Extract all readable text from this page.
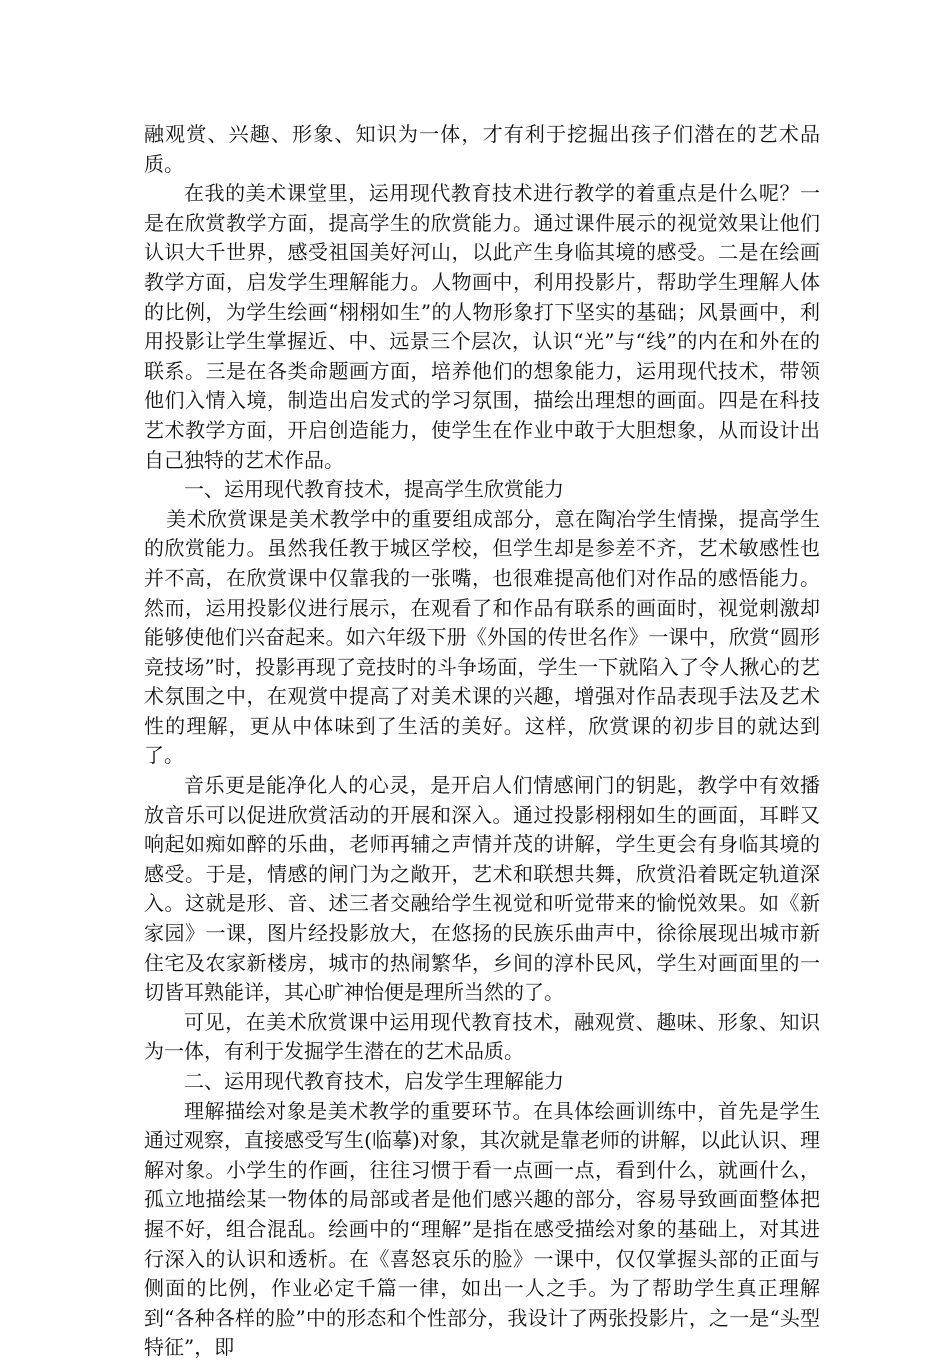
融观赏、兴趣、形象、知识为一体，才有利于挖掘出孩子们潜在的艺术品质。

在我的美术课堂里，运用现代教育技术进行教学的着重点是什么呢？一是在欣赏教学方面，提高学生的欣赏能力。通过课件展示的视觉效果让他们认识大千世界，感受祖国美好河山，以此产生身临其境的感受。二是在绘画教学方面，启发学生理解能力。人物画中，利用投影片，帮助学生理解人体的比例，为学生绘画“栩栩如生”的人物形象打下坚实的基础；风景画中，利用投影让学生掌握近、中、远景三个层次，认识“光”与“线”的内在和外在的联系。三是在各类命题画方面，培养他们的想象能力，运用现代技术，带领他们入情入境，制造出启发式的学习氛围，描绘出理想的画面。四是在科技艺术教学方面，开启创造能力，使学生在作业中敢于大胆想象，从而设计出自己独特的艺术作品。

一、运用现代教育技术，提高学生欣赏能力

美术欣赏课是美术教学中的重要组成部分，意在陶冶学生情操，提高学生的欣赏能力。虽然我任教于城区学校，但学生却是参差不齐，艺术敏感性也并不高，在欣赏课中仅靠我的一张嘴，也很难提高他们对作品的感悟能力。然而，运用投影仪进行展示，在观看了和作品有联系的画面时，视觉刺激却能够使他们兴奋起来。如六年级下册《外国的传世名作》一课中，欣赏“圆形竞技场”时，投影再现了竞技时的斗争场面，学生一下就陷入了令人揪心的艺术氛围之中，在观赏中提高了对美术课的兴趣，增强对作品表现手法及艺术性的理解，更从中体味到了生活的美好。这样，欣赏课的初步目的就达到了。

音乐更是能净化人的心灵，是开启人们情感闸门的钥匙，教学中有效播放音乐可以促进欣赏活动的开展和深入。通过投影栩栩如生的画面，耳畔又响起如痴如醉的乐曲，老师再辅之声情并茂的讲解，学生更会有身临其境的感受。于是，情感的闸门为之敞开，艺术和联想共舞，欣赏沿着既定轨道深入。这就是形、音、述三者交融给学生视觉和听觉带来的愉悦效果。如《新家园》一课，图片经投影放大，在悠扬的民族乐曲声中，徐徐展现出城市新住宅及农家新楼房，城市的热闹繁华，乡间的淳朴民风，学生对画面里的一切皆耳熟能详，其心旷神怡便是理所当然的了。

可见，在美术欣赏课中运用现代教育技术，融观赏、趣味、形象、知识为一体，有利于发掘学生潜在的艺术品质。

二、运用现代教育技术，启发学生理解能力

理解描绘对象是美术教学的重要环节。在具体绘画训练中，首先是学生通过观察，直接感受写生(临摹)对象，其次就是靠老师的讲解，以此认识、理解对象。小学生的作画，往往习惯于看一点画一点，看到什么，就画什么，孤立地描绘某一物体的局部或者是他们感兴趣的部分，容易导致画面整体把握不好，组合混乱。绘画中的“理解”是指在感受描绘对象的基础上，对其进行深入的认识和透析。在《喜怒哀乐的脸》一课中，仅仅掌握头部的正面与侧面的比例，作业必定千篇一律，如出一人之手。为了帮助学生真正理解到“各种各样的脸”中的形态和个性部分，我设计了两张投影片，之一是“头型特征”，即
